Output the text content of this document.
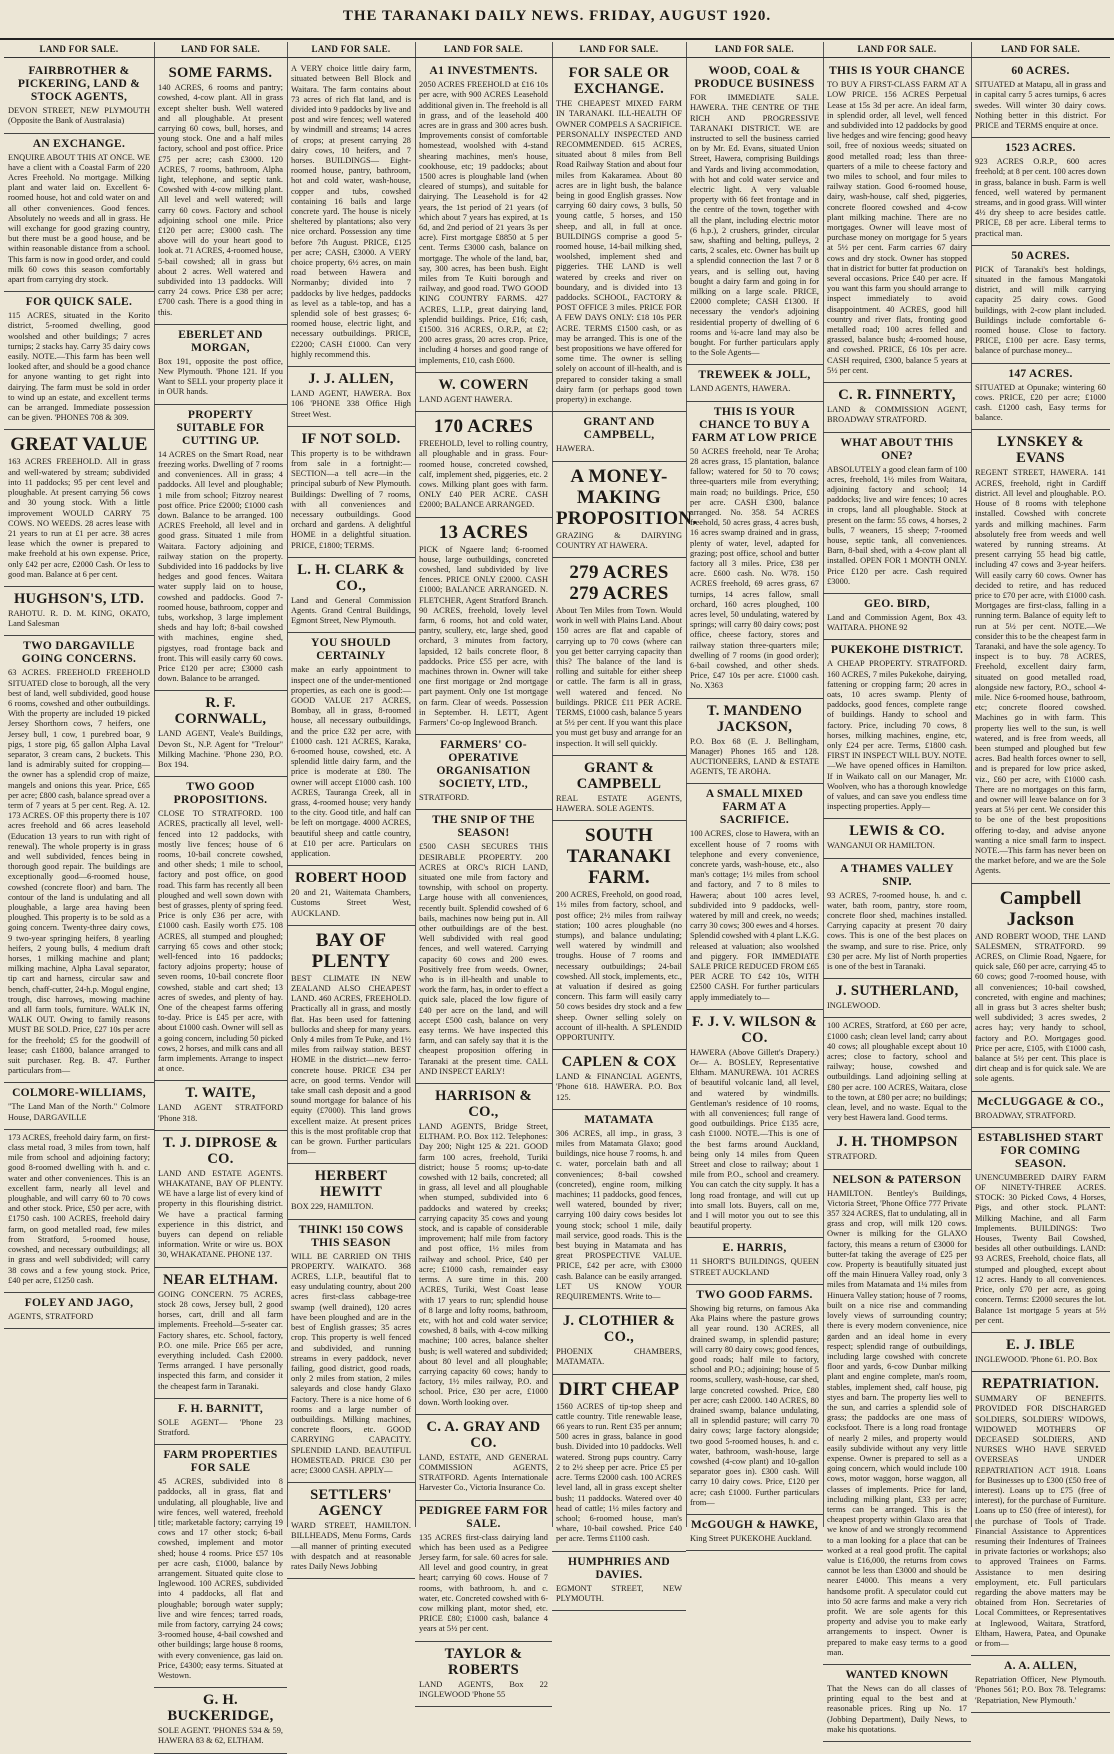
THE TARANAKI DAILY NEWS. FRIDAY, AUGUST 1920.
LAND FOR SALE.
FAIRBROTHER & PICKERING, LAND & STOCK AGENTS,

DEVON STREET, NEW PLYMOUTH (Opposite the Bank of Australasia)

AN EXCHANGE.

ENQUIRE ABOUT THIS AT ONCE. WE have a client with a Coastal Farm of 220 Acres Freehold. No mortgage. Milking plant and water laid on. Excellent 6-roomed house, hot and cold water on and all other conveniences. Good fences. Absolutely no weeds and all in grass. He will exchange for good grazing country, but there must be a good house, and be within reasonable distance from a school. This farm is now in good order, and could milk 60 cows this season comfortably apart from carrying dry stock.

FOR QUICK SALE.

115 ACRES, situated in the Korito district, 5-roomed dwelling, good woolshed and other buildings; 7 acres turnips; 2 stacks hay. Carry 35 dairy cows easily. NOTE.—This farm has been well looked after, and should be a good chance for anyone wanting to get right into dairying. The farm must be sold in order to wind up an estate, and excellent terms can be arranged. Immediate possession can be given. 'PHONES 708 & 309.

GREAT VALUE

163 ACRES FREEHOLD. All in grass and well-watered by stream; subdivided into 11 paddocks; 95 per cent level and ploughable. At present carrying 56 cows and 30 young stock. With a little improvement WOULD CARRY 75 COWS. NO WEEDS. 28 acres lease with 21 years to run at £1 per acre. 38 acres lease which the owner is prepared to make freehold at his own expense. Price, only £42 per acre, £2000 Cash. Or less to good man. Balance at 6 per cent.

HUGHSON'S, LTD.

RAHOTU. R. D. M. KING, OKATO, Land Salesman

TWO DARGAVILLE GOING CONCERNS.

63 ACRES. FREEHOLD FREEHOLD SITUATED close to borough, all the very best of land, well subdivided, good house 6 rooms, cowshed and other outbuildings. With the property are included 19 picked Jersey Shorthorn cows, 7 heifers, one Jersey bull, 1 cow, 1 purebred boar, 9 pigs, 1 store pig, 65 gallon Alpha Laval separator, 3 cream cans, 2 buckets. This land is admirably suited for cropping—the owner has a splendid crop of maize, mangels and onions this year. Price, £65 per acre; £800 cash, balance spread over a term of 7 years at 5 per cent. Reg. A. 12. 173 ACRES. OF this property there is 107 acres freehold and 66 acres leasehold (Education 13 years to run with right of renewal). The whole property is in grass and well subdivided, fences being in thorough good repair. The buildings are exceptionally good—6-roomed house, cowshed (concrete floor) and barn. The contour of the land is undulating and all ploughable, a large area having been ploughed. This property is to be sold as a going concern. Twenty-three dairy cows, 9 two-year springing heifers, 8 yearling heifers, 2 young bulls, 4 medium draft horses, 1 milking machine and plant; milking machine, Alpha Laval separator, tip cart and harness, circular saw and bench, chaff-cutter, 24-h.p. Mogul engine, trough, disc harrows, mowing machine and all farm tools, furniture. WALK IN, WALK OUT. Owing to family reasons MUST BE SOLD. Price, £27 10s per acre for the freehold; £5 for the goodwill of lease; cash £1800, balance arranged to suit purchaser. Reg. B. 47. Further particulars from—

COLMORE-WILLIAMS,

"The Land Man of the North." Colmore House, DARGAVILLE

173 ACRES, freehold dairy farm, on first-class metal road, 3 miles from town, half mile from school and adjoining factory; good 8-roomed dwelling with h. and c. water and other conveniences. This is an excellent farm, nearly all level and ploughable, and will carry 60 to 70 cows and other stock. Price, £50 per acre, with £1750 cash. 100 ACRES, freehold dairy farm, on good metalled road, few miles from Stratford, 5-roomed house, cowshed, and necessary outbuildings; all in grass and well subdivided; will carry 38 cows and a few young stock. Price, £40 per acre, £1250 cash.

FOLEY AND JAGO,

AGENTS, STRATFORD

LAND FOR SALE.
SOME FARMS.

140 ACRES, 6 rooms and pantry; cowshed, 4-cow plant. All in grass except shelter bush. Well watered and all ploughable. At present carrying 60 cows, bull, horses, and young stock. One and a half miles factory, school and post office. Price £75 per acre; cash £3000. 120 ACRES, 7 rooms, bathroom, Alpha light, telephone, and septic tank. Cowshed with 4-cow milking plant. All level and well watered; will carry 60 cows. Factory and school adjoining school one mile. Price £120 per acre; £3000 cash. The above will do your heart good to look at. 71 ACRES, 4-roomed house, 5-bail cowshed; all in grass but about 2 acres. Well watered and subdivided into 13 paddocks. Will carry 24 cows. Price £38 per acre; £700 cash. There is a good thing in this.

EBERLET AND MORGAN,

Box 191, opposite the post office, New Plymouth. 'Phone 121. If you Want to SELL your property place it in OUR hands.

PROPERTY SUITABLE FOR CUTTING UP.

14 ACRES on the Smart Road, near freezing works. Dwelling of 7 rooms and conveniences. All in grass; 4 paddocks. All level and ploughable; 1 mile from school; Fitzroy nearest post office. Price £2000; £1000 cash down. Balance to be arranged. 100 ACRES Freehold, all level and in good grass. Situated 1 mile from Waitara. Factory adjoining and railway station on the property. Subdivided into 16 paddocks by live hedges and good fences. Waitara water supply laid on to house, cowshed and paddocks. Good 7-roomed house, bathroom, copper and tubs, workshop, 3 large implement sheds and hay loft; 8-bail cowshed with machines, engine shed, pigstyes, road frontage back and front. This will easily carry 60 cows. Price £120 per acre; £3000 cash down. Balance to be arranged.

R. F. CORNWALL,

LAND AGENT, Veale's Buildings, Devon St., N.P. Agent for "Trelour" Milking Machine. 'Phone 230, P.O. Box 194.

TWO GOOD PROPOSITIONS.

CLOSE TO STRATFORD. 100 ACRES, practically all level, well-fenced into 12 paddocks, with mostly live fences; house of 6 rooms, 10-bail concrete cowshed, and other sheds; 1 mile to school, factory and post office, on good road. This farm has recently all been ploughed and well sown down with best of grasses, plenty of spring feed. Price is only £36 per acre, with £1000 cash. Easily worth £75. 108 ACRES, all stumped and ploughed; carrying 65 cows and other stock; well-fenced into 16 paddocks; factory adjoins property; house of seven rooms, 10-bail concrete floor cowshed, stable and cart shed; 13 acres of swedes, and plenty of hay. One of the cheapest farms offering to-day. Price is £45 per acre, with about £1000 cash. Owner will sell as a going concern, including 50 picked cows, 2 horses, and milk cans and all farm implements. Arrange to inspect at once.

T. WAITE,

LAND AGENT STRATFORD 'Phone 318.

T. J. DIPROSE & CO.

LAND AND ESTATE AGENTS. WHAKATANE, BAY OF PLENTY. WE have a large list of every kind of property in this flourishing district. We have a practical farming experience in this district, and buyers can depend on reliable information. Write or wire us. BOX 30, WHAKATANE. PHONE 137.

NEAR ELTHAM.

GOING CONCERN. 75 ACRES, stock 28 cows, Jersey bull, 2 good horses, cart, drill and all farm implements. Freehold—5-seater car. Factory shares, etc. School, factory, P.O. one mile. Price £65 per acre, everything included. Cash £2000. Terms arranged. I have personally inspected this farm, and consider it the cheapest farm in Taranaki.

F. H. BARNITT,

SOLE AGENT— 'Phone 23 Stratford.

FARM PROPERTIES FOR SALE

45 ACRES, subdivided into 8 paddocks, all in grass, flat and undulating, all ploughable, live and wire fences, well watered, freehold title; marketable factory; carrying 19 cows and 17 other stock; 6-bail cowshed, implement and motor shed; house 4 rooms. Price £57 10s per acre cash, £1000, balance by arrangement. Situated quite close to Inglewood. 100 ACRES, subdivided into 4 paddocks, all flat and ploughable; borough water supply; live and wire fences; tarred roads, mile from factory, carrying 24 cows; 3-roomed house, 4-bail cowshed and other buildings; large house 8 rooms, with every convenience, gas laid on. Price, £4300; easy terms. Situated at Westown.

G. H. BUCKERIDGE,

SOLE AGENT. 'PHONES 534 & 59, HAWERA 83 & 62, ELTHAM.

LAND FOR SALE.

A VERY choice little dairy farm, situated between Bell Block and Waitara. The farm contains about 73 acres of rich flat land, and is divided into 9 paddocks by live and post and wire fences; well watered by windmill and streams; 14 acres of crops; at present carrying 28 dairy cows, 10 heifers, and 7 horses. BUILDINGS— Eight-roomed house, pantry, bathroom, hot and cold water, wash-house, copper and tubs, cowshed containing 16 bails and large concrete yard. The house is nicely sheltered by plantations; also very nice orchard. Possession any time before 7th August. PRICE, £125 per acre; CASH, £3000. A VERY choice property, 6½ acres, on main road between Hawera and Normanby; divided into 7 paddocks by live hedges, paddocks as level as a table-top, and has a splendid sole of best grasses; 6-roomed house, electric light, and necessary outbuildings. PRICE, £2200; CASH £1000. Can very highly recommend this.

J. J. ALLEN,

LAND AGENT, HAWERA. Box 106 'PHONE 338 Office High Street West.

IF NOT SOLD.

This property is to be withdrawn from sale in a fortnight:— SECTION—a tell acre—in the principal suburb of New Plymouth. Buildings: Dwelling of 7 rooms, with all conveniences and necessary outbuildings. Good orchard and gardens. A delightful HOME in a delightful situation. PRICE, £1800; TERMS.

L. H. CLARK & CO.,

Land and General Commission Agents. Grand Central Buildings, Egmont Street, New Plymouth.

YOU SHOULD CERTAINLY

make an early appointment to inspect one of the under-mentioned properties, as each one is good:— GOOD VALUE 217 ACRES, Bombay, all in grass, 8-roomed house, all necessary outbuildings, and the price £32 per acre, with £1000 cash. 121 ACRES, Karaka, 6-roomed house, cowshed, etc. A splendid little dairy farm, and the price is moderate at £80. The owner will accept £1000 cash. 100 ACRES, Tauranga Creek, all in grass, 4-roomed house; very handy to the city. Good title, and half can be left on mortgage. 4000 ACRES, beautiful sheep and cattle country, at £10 per acre. Particulars on application.

ROBERT HOOD

20 and 21, Waitemata Chambers, Customs Street West, AUCKLAND.

BAY OF PLENTY

BEST CLIMATE IN NEW ZEALAND ALSO CHEAPEST LAND. 460 ACRES, FREEHOLD. Practically all in grass, and mostly flat. Has been used for fattening bullocks and sheep for many years. Only 4 miles from Te Puke, and 1½ miles from railway station. BEST HOME in the district—new ferro-concrete house. PRICE £34 per acre, on good terms. Vendor will take small cash deposit and a good sound mortgage for balance of his equity (£7000). This land grows excellent maize. At present prices this is the most profitable crop that can be grown. Further particulars from—

HERBERT HEWITT

BOX 229, HAMILTON.

THINK! 150 COWS THIS SEASON

WILL BE CARRIED ON THIS PROPERTY. WAIKATO. 368 ACRES, L.I.P., beautiful flat to easy undulating country, about 200 acres first-class cabbage-tree swamp (well drained), 120 acres have been ploughed and are in the best of English grasses; 35 acres crop. This property is well fenced and subdivided, and running streams in every paddock, never failing, good district, good roads, only 2 miles from station, 2 miles saleyards and close handy Glaxo Factory. There is a nice home of 6 rooms and a large number of outbuildings. Milking machines, concrete floors, etc. GOOD CARRYING CAPACITY. SPLENDID LAND. BEAUTIFUL HOMESTEAD. PRICE £30 per acre; £3000 CASH. APPLY—

SETTLERS' AGENCY

WARD STREET, HAMILTON. BILLHEADS, Menu Forms, Cards—all manner of printing executed with despatch and at reasonable rates Daily News Jobbing

LAND FOR SALE.
A1 INVESTMENTS.

2050 ACRES FREEHOLD at £16 10s per acre, with 900 ACRES Leasehold additional given in. The freehold is all in grass, and of the leasehold 400 acres are in grass and 300 acres bush. Improvements consist of comfortable homestead, woolshed with 4-stand shearing machines, men's house, cookhouse, etc; 19 paddocks; about 1500 acres is ploughable land (when cleared of stumps), and suitable for dairying. The Leasehold is for 42 years, the 1st period of 21 years (of which about 7 years has expired, at 1s 6d, and 2nd period of 21 years 3s per acre). First mortgage £8850 at 5 per cent. Terms £3000 cash, balance on mortgage. The whole of the land, bar, say, 300 acres, has been bush. Eight miles from Te Kuiti borough and railway, and good road. TWO GOOD KING COUNTRY FARMS. 427 ACRES, L.I.P., great dairying land, splendid buildings. Price, £16; cash, £1500. 316 ACRES, O.R.P., at £2; 200 acres grass, 20 acres crop. Price, including 4 horses and good range of implements, £10, cash £600.

W. COWERN

LAND AGENT HAWERA.

170 ACRES

FREEHOLD, level to rolling country, all ploughable and in grass. Four-roomed house, concreted cowshed, calf, implement shed, piggeries, etc. 2 cows. Milking plant goes with farm. ONLY £40 PER ACRE. CASH £2000; BALANCE ARRANGED.

13 ACRES

PICK of Ngaere land; 6-roomed house, large outbuildings, concreted cowshed, land subdivided by live fences. PRICE ONLY £2000. CASH £1000; BALANCE ARRANGED. N. FLETCHER, Agent Stratford Branch. 90 ACRES, freehold, lovely level farm, 6 rooms, hot and cold water, pantry, scullery, etc, large shed, good orchard, 3 minutes from factory, lapsided, 12 bails concrete floor, 8 paddocks. Price £55 per acre, with machines thrown in. Owner will take one first mortgage or 2nd mortgage part payment. Only one 1st mortgage on farm. Clear of weeds. Possession in September. H. LETT, Agent Farmers' Co-op Inglewood Branch.

FARMERS' CO-OPERATIVE ORGANISATION SOCIETY, LTD.,

STRATFORD.

THE SNIP OF THE SEASON!

£500 CASH SECURES THIS DESIRABLE PROPERTY. 200 ACRES at ORC's RICH LAND, situated one mile from factory and township, with school on property. Large house with all conveniences, recently built. Splendid cowshed of 6 bails, machines now being put in. All other outbuildings are of the best. Well subdivided with real good fences, and well watered. Carrying capacity 60 cows and 200 ewes. Positively free from weeds. Owner, who is in ill-health and unable to work the farm, has, in order to effect a quick sale, placed the low figure of £40 per acre on the land, and will accept £500 cash, balance on very easy terms. We have inspected this farm, and can safely say that it is the cheapest proposition offering in Taranaki at the present time. CALL AND INSPECT EARLY!

HARRISON & CO.,

LAND AGENTS, Bridge Street, ELTHAM. P.O. Box 112. Telephones: Day 200; Night 125 & 221. GOOD farm 100 acres, freehold, Turiki district; house 5 rooms; up-to-date cowshed with 12 bails, concreted; all in grass, all level and all ploughable when stumped, subdivided into 6 paddocks and watered by creeks; carrying capacity 35 cows and young stock, and is capable of considerable improvement; half mile from factory and post office, 1½ miles from railway and school. Price, £40 per acre; £1000 cash, remainder easy terms. A sure time in this. 200 ACRES, Turiki, West Coast lease with 17 years to run; splendid house of 8 large and lofty rooms, bathroom, etc, with hot and cold water service; cowshed, 8 bails, with 4-cow milking machine; 100 acres, balance shelter bush; is well watered and subdivided; about 80 level and all ploughable; carrying capacity 60 cows; handy to factory, 1½ miles railway, P.O. and school. Price, £30 per acre, £1000 down. Worth looking over.

C. A. GRAY AND CO.

LAND, ESTATE, AND GENERAL COMMISSION AGENTS, STRATFORD. Agents Internationale Harvester Co., Victoria Insurance Co.

PEDIGREE FARM FOR SALE.

135 ACRES first-class dairying land which has been used as a Pedigree Jersey farm, for sale. 60 acres for sale. All level and good country, in great heart; carrying 60 cows. House of 7 rooms, with bathroom, h. and c. water, etc. Concreted cowshed with 6-cow milking plant, motor shed, etc. PRICE £80; £1000 cash, balance 4 years at 5½ per cent.

TAYLOR & ROBERTS

LAND AGENTS, Box 22 INGLEWOOD 'Phone 55

LAND FOR SALE.
FOR SALE OR EXCHANGE.

THE CHEAPEST MIXED FARM IN TARANAKI. ILL-HEALTH OF OWNER COMPELS A SACRIFICE. PERSONALLY INSPECTED AND RECOMMENDED. 615 ACRES, situated about 8 miles from Bell Road Railway Station and about four miles from Kakaramea. About 80 acres are in light bush, the balance being in good English grasses. Now carrying 60 dairy cows, 3 bulls, 50 young cattle, 5 horses, and 150 sheep, and all, in full at once. BUILDINGS comprise a good 5-roomed house, 14-bail milking shed, woolshed, implement shed and piggeries. THE LAND is well watered by creeks and river on boundary, and is divided into 13 paddocks. SCHOOL, FACTORY & POST OFFICE 3 miles. PRICE FOR A FEW DAYS ONLY: £18 10s PER ACRE. TERMS £1500 cash, or as may be arranged. This is one of the best propositions we have offered for some time. The owner is selling solely on account of ill-health, and is prepared to consider taking a small dairy farm (or perhaps good town property) in exchange.

GRANT AND CAMPBELL,

HAWERA.

A MONEY-MAKING PROPOSITION.

GRAZING & DAIRYING COUNTRY AT HAWERA.

279 ACRES 279 ACRES

About Ten Miles from Town. Would work in well with Plains Land. About 150 acres are flat and capable of carrying up to 70 cows (where can you get better carrying capacity than this? The balance of the land is rolling and suitable for either sheep or cattle. The farm is all in grass, well watered and fenced. No buildings. PRICE £11 PER ACRE. TERMS, £1000 cash, balance 5 years at 5½ per cent. If you want this place you must get busy and arrange for an inspection. It will sell quickly.

GRANT & CAMPBELL

REAL ESTATE AGENTS, HAWERA. SOLE AGENTS.

SOUTH TARANAKI FARM.

200 ACRES, Freehold, on good road, 1½ miles from factory, school, and post office; 2½ miles from railway station; 100 acres ploughable (no stumps), and balance undulating; well watered by windmill and troughs. House of 7 rooms and necessary outbuildings; 24-bail cowshed. All stock, implements, etc., at valuation if desired as going concern. This farm will easily carry 50 cows besides dry stock and a few sheep. Owner selling solely on account of ill-health. A SPLENDID OPPORTUNITY.

CAPLEN & COX

LAND & FINANCIAL AGENTS, 'Phone 618. HAWERA. P.O. Box 125.

MATAMATA

306 ACRES, all imp., in grass, 3 miles from Matamata Glaxo; good buildings, nice house 7 rooms, h. and c. water, porcelain bath and all conveniences; 8-bail cowshed (concreted), engine room, milking machines; 11 paddocks, good fences, well watered, bounded by river; carrying 100 dairy cows besides lot young stock; school 1 mile, daily mail service, good roads. This is the best buying in Matamata and has great PROSPECTIVE VALUE. PRICE, £42 per acre, with £3000 cash. Balance can be easily arranged. LET US KNOW YOUR REQUIREMENTS. Write to—

J. CLOTHIER & CO.,

PHOENIX CHAMBERS, MATAMATA.

DIRT CHEAP

1560 ACRES of tip-top sheep and cattle country. Title renewable lease, 66 years to run. Rent £35 per annum; 500 acres in grass, balance in good bush. Divided into 10 paddocks. Well watered. Strong pups country. Carry 2 to 2½ sheep per acre. Price £5 per acre. Terms £2000 cash. 100 ACRES level land, all in grass except shelter bush; 11 paddocks. Watered over 40 head of cattle; 1½ miles factory and school; 6-roomed house, man's whare, 10-bail cowshed. Price £40 per acre. Terms £1100 cash.

HUMPHRIES AND DAVIES.

EGMONT STREET, NEW PLYMOUTH.

LAND FOR SALE.
WOOD, COAL & PRODUCE BUSINESS

FOR IMMEDIATE SALE. HAWERA. THE CENTRE OF THE RICH AND PROGRESSIVE TARANAKI DISTRICT. WE are instructed to sell the business carried on by Mr. Ed. Evans, situated Union Street, Hawera, comprising Buildings and Yards and living accommodation, with hot and cold water service and electric light. A very valuable property with 66 feet frontage and in the centre of the town, together with all the plant, including electric motor (6 h.p.), 2 crushers, grinder, circular saw, shafting and belting, pulleys, 2 carts, 2 scales, etc. Owner has built up a splendid connection the last 7 or 8 years, and is selling out, having bought a dairy farm and going in for milking on a large scale. PRICE, £2000 complete; CASH £1300. If necessary the vendor's adjoining residential property of dwelling of 6 rooms and ¼-acre land may also be bought. For further particulars apply to the Sole Agents—

TREWEEK & JOLL,

LAND AGENTS, HAWERA.

THIS IS YOUR CHANCE TO BUY A FARM AT LOW PRICE

50 ACRES freehold, near Te Aroha; 28 acres grass, 15 plantation, balance fallow; watered for 50 to 70 cows; three-quarters mile from everything; main road; no buildings. Price, £50 per acre. CASH £300, balance arranged. No. 358. 54 ACRES freehold, 50 acres grass, 4 acres bush, 16 acres swamp drained and in grass, plenty of water, level, adapted for grazing; post office, school and butter factory all 3 miles. Price, £38 per acre. £600 cash. No. W78. 150 ACRES freehold, 69 acres grass, 67 turnips, 14 acres fallow, small orchard, 160 acres ploughed, 100 acres level, 50 undulating, watered by springs; will carry 80 dairy cows; post office, cheese factory, stores and railway station three-quarters mile; dwelling of 7 rooms (in good order); 6-bail cowshed, and other sheds. Price, £47 10s per acre. £1000 cash. No. X363

T. MANDENO JACKSON,

P.O. Box 68 (E. J. Bellingham, Manager) Phones 165 and 128. AUCTIONEERS, LAND & ESTATE AGENTS, TE AROHA.

A SMALL MIXED FARM AT A SACRIFICE.

100 ACRES, close to Hawera, with an excellent house of 7 rooms with telephone and every convenience, concrete yards, wash-house, etc., also man's cottage; 1½ miles from school and factory, and 7 to 8 miles to Hawera; about 100 acres level, subdivided into 9 paddocks, well-watered by mill and creek, no weeds; carry 30 cows; 300 ewes and 4 horses. Splendid cowshed with 4 plant L.K.G. released at valuation; also woolshed and piggery. FOR IMMEDIATE SALE PRICE REDUCED FROM £65 PER ACRE TO £42 10s, WITH £2500 CASH. For further particulars apply immediately to—

F. J. V. WILSON & CO.

HAWERA (Above Gillett's Drapery.) Or— A. BOSLEY, Representative Eltham. MANUREWA. 101 ACRES of beautiful volcanic land, all level, and watered by windmills. Gentleman's residence of 10 rooms, with all conveniences; full range of good outbuildings. Price £135 acre, cash £1000. NOTE.—This is one of the best farms around Auckland, being only 14 miles from Queen Street and close to railway; about 1 mile from P.O., school and creamery. You can catch the city supply. It has a long road frontage, and will cut up into small lots. Buyers, call on me, and I will motor you out to see this beautiful property.

E. HARRIS,

11 SHORT'S BUILDINGS, QUEEN STREET AUCKLAND

TWO GOOD FARMS.

Showing big returns, on famous Aka Aka Plains where the pasture grows all year round. 130 ACRES, all drained swamp, in splendid pasture; will carry 80 dairy cows; good fences, good roads; half mile to factory, school and P.O.; adjoining; house of 5 rooms, scullery, wash-house, car shed, large concreted cowshed. Price, £80 per acre; cash £2000. 140 ACRES, 80 drained swamp, balance undulating, all in splendid pasture; will carry 70 dairy cows; large factory alongside; two good 5-roomed houses, h. and c. water, bathroom, wash-house, large cowshed (4-cow plant) and 10-gallon separator goes in). £300 cash. Will carry 10 dairy cows. Price, £120 per acre; cash £1000. Further particulars from—

McGOUGH & HAWKE,

King Street PUKEKOHE Auckland.

LAND FOR SALE.
THIS IS YOUR CHANCE

TO BUY A FIRST-CLASS FARM AT A LOW PRICE. 156 ACRES Perpetual Lease at 15s 3d per acre. An ideal farm, in splendid order, all level, well fenced and subdivided into 12 paddocks by good live hedges and wire fencing; good heavy soil, free of noxious weeds; situated on good metalled road; less than three-quarters of a mile to cheese factory and two miles to school, and four miles to railway station. Good 6-roomed house, dairy, wash-house, calf shed, piggeries, concrete floored cowshed and 4-cow plant milking machine. There are no mortgages. Owner will leave most of purchase money on mortgage for 5 years at 5½ per cent. Farm carries 67 dairy cows and dry stock. Owner has stopped that in district for butter fat production on several occasions. Price £40 per acre. If you want this farm you should arrange to inspect immediately to avoid disappointment. 40 ACRES, good hill country and river flats, fronting good metalled road; 100 acres felled and grassed, balance bush; 4-roomed house, and cowshed. PRICE, £6 10s per acre. CASH required, £300, balance 5 years at 5½ per cent.

C. R. FINNERTY,

LAND & COMMISSION AGENT, BROADWAY STRATFORD.

WHAT ABOUT THIS ONE?

ABSOLUTELY a good clean farm of 100 acres, freehold, 1½ miles from Waitara, adjoining factory and school; 14 paddocks; live and wire fences; 10 acres in crops, land all ploughable. Stock at present on the farm: 55 cows, 4 horses, 2 bulls, 7 weaners, 15 sheep; 7-roomed house, septic tank, all conveniences. Barn, 8-bail shed, with a 4-cow plant all installed. OPEN FOR 1 MONTH ONLY. Price £120 per acre. Cash required £3000.

GEO. BIRD,

Land and Commission Agent, Box 43. WAITARA. PHONE 92

PUKEKOHE DISTRICT.

A CHEAP PROPERTY. STRATFORD. 160 ACRES, 7 miles Pukekohe, dairying, fattening or cropping farm; 20 acres in oats, 10 acres swamp. Plenty of paddocks, good fences, complete range of buildings. Handy to school and factory. Price, including 70 cows, 8 horses, milking machines, engine, etc, only £24 per acre. Terms, £1800 cash. FIRST IN INSPECT WILL BUY. NOTE.—We have opened offices in Hamilton. If in Waikato call on our Manager, Mr. Woolven, who has a thorough knowledge of values, and can save you endless time inspecting properties. Apply—

LEWIS & CO.

WANGANUI OR HAMILTON.

A THAMES VALLEY SNIP.

93 ACRES, 7-roomed house, h. and c. water, bath room, pantry, store room, concrete floor shed, machines installed. Carrying capacity at present 70 dairy cows. This is one of the best places on the swamp, and sure to rise. Price, only £30 per acre. My list of North properties is one of the best in Taranaki.

J. SUTHERLAND,

INGLEWOOD.

100 ACRES, Stratford, at £60 per acre, £1000 cash; clean level land; carry about 40 cows; all ploughable except about 10 acres; close to factory, school and railway; house, cowshed and outbuildings. Land adjoining selling at £80 per acre. 100 ACRES, Waitara, close to the town, at £80 per acre; no buildings; clean, level, and no waste. Equal to the very best Hawera land. Good terms.

J. H. THOMPSON

STRATFORD.

NELSON & PATERSON

HAMILTON. Bentley's Buildings, Victoria Street, 'Phone Office 777 Private 357 324 ACRES, flat to undulating, all in grass and crop, will milk 120 cows. Owner is milking for the GLAXO factory, this means a return of £3000 for butter-fat taking the average of £25 per cow. Property is beautifully situated just off the main Hinuera Valley road, only 3 miles from Matamata and 1¼ miles from Hinuera Valley station; house of 7 rooms, built on a nice rise and commanding lovely views of surrounding country; there is every modern convenience, nice garden and an ideal home in every respect; splendid range of outbuildings, including large cowshed with concrete floor and yards, 6-cow Dunbar milking plant and engine complete, man's room, stables, implement shed, calf house, pig styes and barn. The property lies well to the sun, and carries a splendid sole of grass; the paddocks are one mass of cocksfoot. There is a long road frontage of nearly 2 miles, and property would easily subdivide without any very little expense. Owner is prepared to sell as a going concern, which would include 100 cows, motor waggon, horse waggon, all classes of implements. Price for land, including milking plant, £33 per acre; terms can be arranged. This is the cheapest property within Glaxo area that we know of and we strongly recommend to a man looking for a place that can be worked at a real good profit. The capital value is £16,000, the returns from cows cannot be less than £3000 and should be nearer £4000. This means a very handsome profit. A speculator could cut into 50 acre farms and make a very rich profit. We are sole agents for this property and advise you to make early arrangements to inspect. Owner is prepared to make easy terms to a good man.

WANTED KNOWN

That the News can do all classes of printing equal to the best and at reasonable prices. Ring up No. 17 (Jobbing Department), Daily News, to make his quotations.

LAND FOR SALE.
60 ACRES.

SITUATED at Matapu, all in grass and in capital carry 5 acres turnips, 6 acres swedes. Will winter 30 dairy cows. Nothing better in this district. For PRICE and TERMS enquire at once.

1523 ACRES.

923 ACRES O.R.P., 600 acres freehold; at 8 per cent. 100 acres down in grass, balance in bush. Farm is well fenced, well watered by permanent streams, and in good grass. Will winter 4½ dry sheep to acre besides cattle. PRICE, £8 per acre. Liberal terms to practical man.

50 ACRES.

PICK of Taranaki's best holdings, situated in the famous Mangatoki district, and will milk carrying capacity 25 dairy cows. Good buildings, with 2-cow plant included. Buildings include comfortable 6-roomed house. Close to factory. PRICE, £100 per acre. Easy terms, balance of purchase money...

147 ACRES.

SITUATED at Opunake; wintering 60 cows. PRICE, £20 per acre; £1000 cash. £1200 cash, Easy terms for balance.

LYNSKEY & EVANS

REGENT STREET, HAWERA. 141 ACRES, freehold, right in Cardiff district. All level and ploughable. P.O. House of 8 rooms with telephone installed. Cowshed with concrete yards and milking machines. Farm absolutely free from weeds and well watered by running streams. At present carrying 55 head big cattle, including 47 cows and 3-year heifers. Will easily carry 60 cows. Owner has decided to retire, and has reduced price to £70 per acre, with £1000 cash. Mortgages are first-class, falling in a running term. Balance of equity left to run at 5½ per cent. NOTE.—We consider this to be the cheapest farm in Taranaki, and have the sole agency. To inspect is to buy. 78 ACRES, Freehold, excellent dairy farm, situated on good metalled road, alongside new factory, P.O., school 4-mile. Nice 6-roomed house, bathroom, etc; concrete floored cowshed. Machines go in with farm. This property lies well to the sun, is well watered, and is free from weeds, all been stumped and ploughed but few acres. Bad health forces owner to sell, and is prepared for low price asked, viz., £60 per acre, with £1000 cash. There are no mortgages on this farm, and owner will leave balance on for 3 years at 5½ per cent. We consider this to be one of the best propositions offering to-day, and advise anyone wanting a nice small farm to inspect. NOTE.—This farm has never been on the market before, and we are the Sole Agents.

Campbell Jackson

AND ROBERT WOOD, THE LAND SALESMEN, STRATFORD. 99 ACRES, on Climie Road, Ngaere, for quick sale, £60 per acre, carrying 45 to 60 cows; good 7-roomed house, with all conveniences; 10-bail cowshed, concreted, with engine and machines; all in grass but 3 acres shelter bush; well subdivided; 3 acres swedes, 2 acres hay; very handy to school, factory and P.O. Mortgages good. Price per acre, £105, with £1000 cash, balance at 5½ per cent. This place is dirt cheap and is for quick sale. We are sole agents.

McCLUGGAGE & CO.,

BROADWAY, STRATFORD.

ESTABLISHED START FOR COMING SEASON.

UNENCUMBERED DAIRY FARM OF NINETY-THREE ACRES. STOCK: 30 Picked Cows, 4 Horses, Pigs, and other stock. PLANT: Milking Machine, and all Farm Implements. BUILDINGS: Two Houses, Twenty Bail Cowshed, besides all other outbuildings. LAND: 93 ACRES, Freehold, choice flats, all stumped and ploughed, except about 12 acres. Handy to all conveniences. Price, only £70 per acre, as going concern. Terms: £2000 secures the lot. Balance 1st mortgage 5 years at 5½ per cent.

E. J. IBLE

INGLEWOOD. 'Phone 61. P.O. Box

REPATRIATION.

SUMMARY OF BENEFITS. PROVIDED FOR DISCHARGED SOLDIERS, SOLDIERS' WIDOWS, WIDOWED MOTHERS OF DECEASED SOLDIERS, AND NURSES WHO HAVE SERVED OVERSEAS UNDER REPATRIATION ACT 1918. Loans for Businesses up to £300 (£50 free of interest). Loans up to £75 (free of interest), for the purchase of Furniture. Loans up to £50 (free of interest), for the purchase of Tools of Trade. Financial Assistance to Apprentices resuming their Indentures of Trainees in private factories or workshops; also to approved Trainees on Farms. Assistance to men desiring employment, etc. Full particulars regarding the above matters may be obtained from Hon. Secretaries of Local Committees, or Representatives at Inglewood, Waitara, Stratford, Eltham, Hawera, Patea, and Opunake or from—

A. A. ALLEN,

Repatriation Officer, New Plymouth. 'Phones 561; P.O. Box 78. Telegrams: 'Repatriation, New Plymouth.'
